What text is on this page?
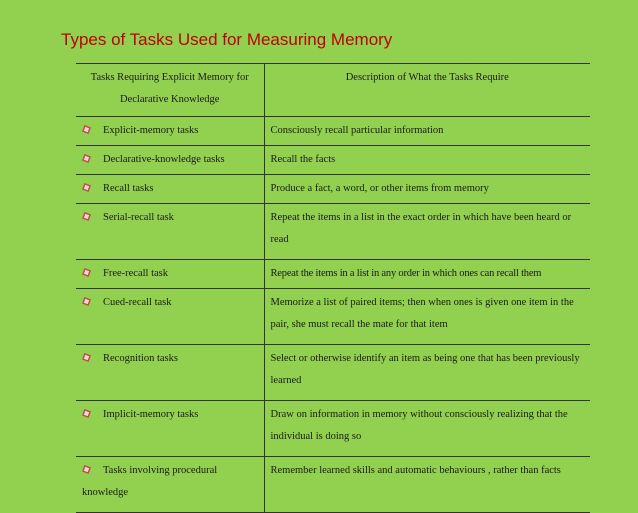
Types of Tasks Used for Measuring Memory
Tasks Requiring Explicit Memory for Declarative Knowledge	Description of What the Tasks Require
Explicit-memory tasks	Consciously recall particular information
Declarative-knowledge tasks	Recall the facts
Recall tasks	Produce a fact, a word, or other items from memory
Serial-recall task	Repeat the items in a list in the exact order in which have been heard or read
Free-recall task	Repeat the items in a list in any order in which ones can recall them
Cued-recall task	Memorize a list of paired items; then when ones is given one item in the pair, she must recall the mate for that item
Recognition tasks	Select or otherwise identify an item as being one that has been previously learned
Implicit-memory tasks	Draw on information in memory without consciously realizing that the individual is doing so
Tasks involving procedural knowledge	Remember learned skills and automatic behaviours , rather than facts
